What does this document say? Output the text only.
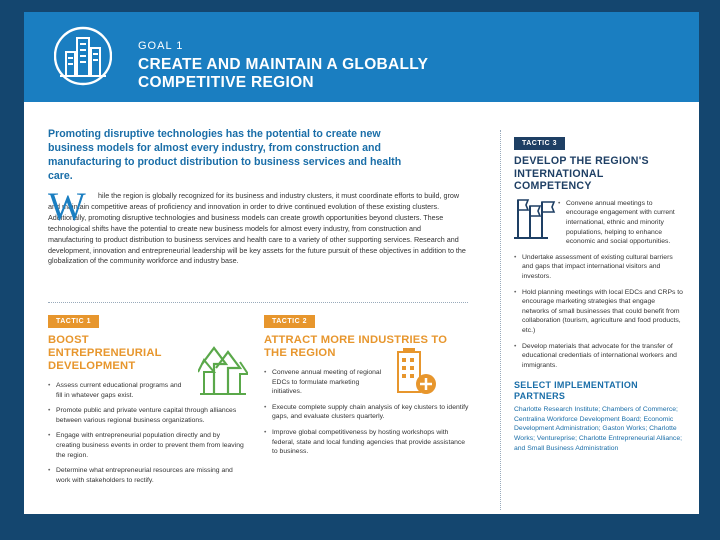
GOAL 1
CREATE AND MAINTAIN A GLOBALLY COMPETITIVE REGION

Promoting disruptive technologies has the potential to create new business models for almost every industry, from construction and manufacturing to product distribution to business services and health care.

W	hile the region is globally recognized for its business and industry clusters, it must coordinate efforts to build, grow and maintain competitive areas of proficiency and innovation in order to drive continued evolution of these existing clusters. Additionally, promoting disruptive technologies and business models can create growth opportunities beyond clusters. These technological shifts have the potential to create new business models for almost every industry, from construction and manufacturing to product distribution to business services and health care to a variety of other supporting services. Research and development, innovation and entrepreneurial leadership will be key assets for the future pursuit of these objectives in addition to the globalization of the community workforce and industry base.

TACTIC 1
BOOST ENTREPRENEURIAL DEVELOPMENT
• Assess current educational programs and fill in whatever gaps exist.
• Promote public and private venture capital through alliances between various regional business organizations.
• Engage with entrepreneurial population directly and by creating business events in order to prevent them from leaving the region.
• Determine what entrepreneurial resources are missing and work with stakeholders to rectify.
TACTIC 2
ATTRACT MORE INDUSTRIES TO THE REGION
• Convene annual meeting of regional EDCs to formulate marketing initiatives.
• Execute complete supply chain analysis of key clusters to identify gaps, and evaluate clusters quarterly.
• Improve global competitiveness by hosting workshops with federal, state and local funding agencies that provide assistance to business.
TACTIC 3
DEVELOP THE REGION'S INTERNATIONAL COMPETENCY
• Convene annual meetings to encourage engagement with current international, ethnic and minority populations, helping to enhance economic and social opportunities.
• Undertake assessment of existing cultural barriers and gaps that impact international visitors and investors.
• Hold planning meetings with local EDCs and CRPs to encourage marketing strategies that engage networks of small businesses that could benefit from collaboration (tourism, agriculture and food products, etc.)
• Develop materials that advocate for the transfer of educational credentials of international workers and immigrants.
SELECT IMPLEMENTATION PARTNERS
Charlotte Research Institute; Chambers of Commerce; Centralina Workforce Development Board; Economic Development Administration; Gaston Works; Charlotte Works; Ventureprise; Charlotte Entrepreneurial Alliance; and Small Business Administration
